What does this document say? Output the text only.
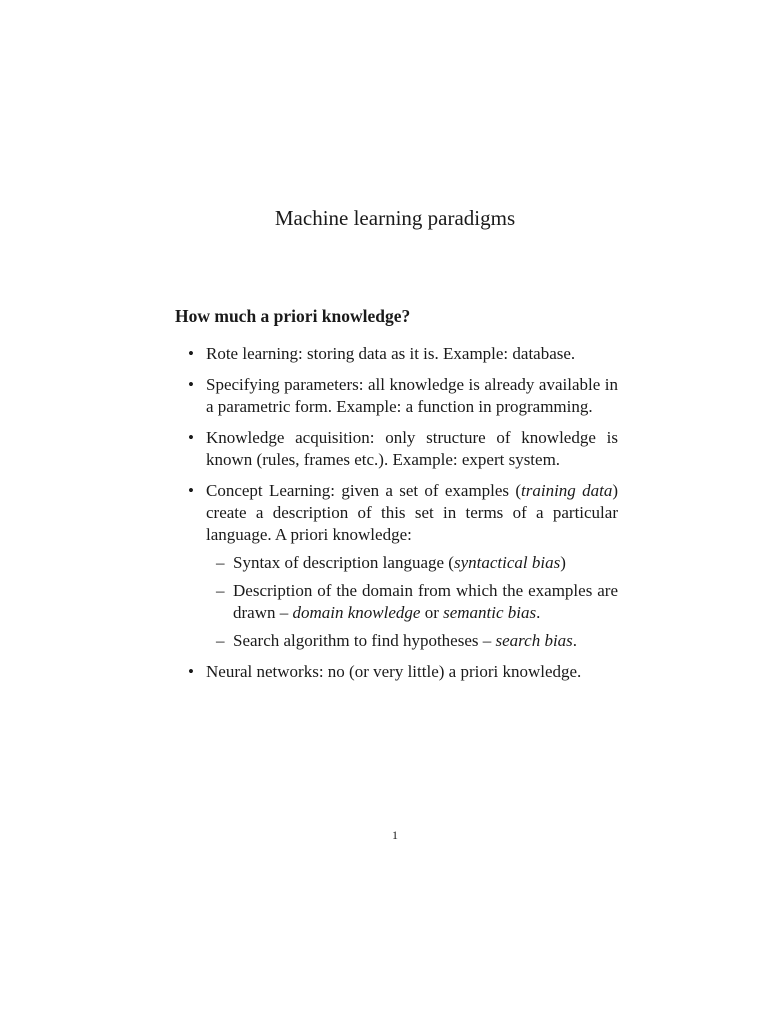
Machine learning paradigms
How much a priori knowledge?
• Rote learning: storing data as it is. Example: database.
• Specifying parameters: all knowledge is already available in a parametric form. Example: a function in programming.
• Knowledge acquisition: only structure of knowledge is known (rules, frames etc.). Example: expert system.
• Concept Learning: given a set of examples (training data) create a description of this set in terms of a particular language. A priori knowledge:
– Syntax of description language (syntactical bias)
– Description of the domain from which the examples are drawn – domain knowledge or semantic bias.
– Search algorithm to find hypotheses – search bias.
• Neural networks: no (or very little) a priori knowledge.
1
